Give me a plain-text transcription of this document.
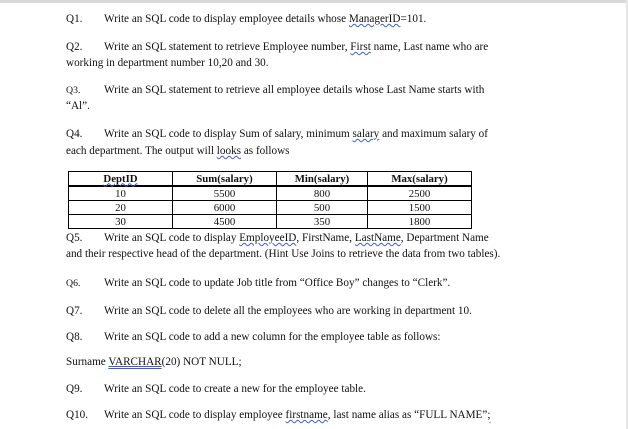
Q1. Write an SQL code to display employee details whose ManagerID=101.
Q2. Write an SQL statement to retrieve Employee number, First name, Last name who are
working in department number 10,20 and 30.
Q3. Write an SQL statement to retrieve all employee details whose Last Name starts with
“Al”.
Q4. Write an SQL code to display Sum of salary, minimum salary and maximum salary of
each department. The output will looks as follows
DeptID	Sum(salary)	Min(salary)	Max(salary)
10	5500	800	2500
20	6000	500	1500
30	4500	350	1800
Q5. Write an SQL code to display EmployeeID, FirstName, LastName, Department Name
and their respective head of the department. (Hint Use Joins to retrieve the data from two tables).
Q6. Write an SQL code to update Job title from “Office Boy” changes to “Clerk”.
Q7. Write an SQL code to delete all the employees who are working in department 10.
Q8. Write an SQL code to add a new column for the employee table as follows:
Surname VARCHAR(20) NOT NULL;
Q9. Write an SQL code to create a new for the employee table.
Q10. Write an SQL code to display employee firstname, last name alias as “FULL NAME”;
